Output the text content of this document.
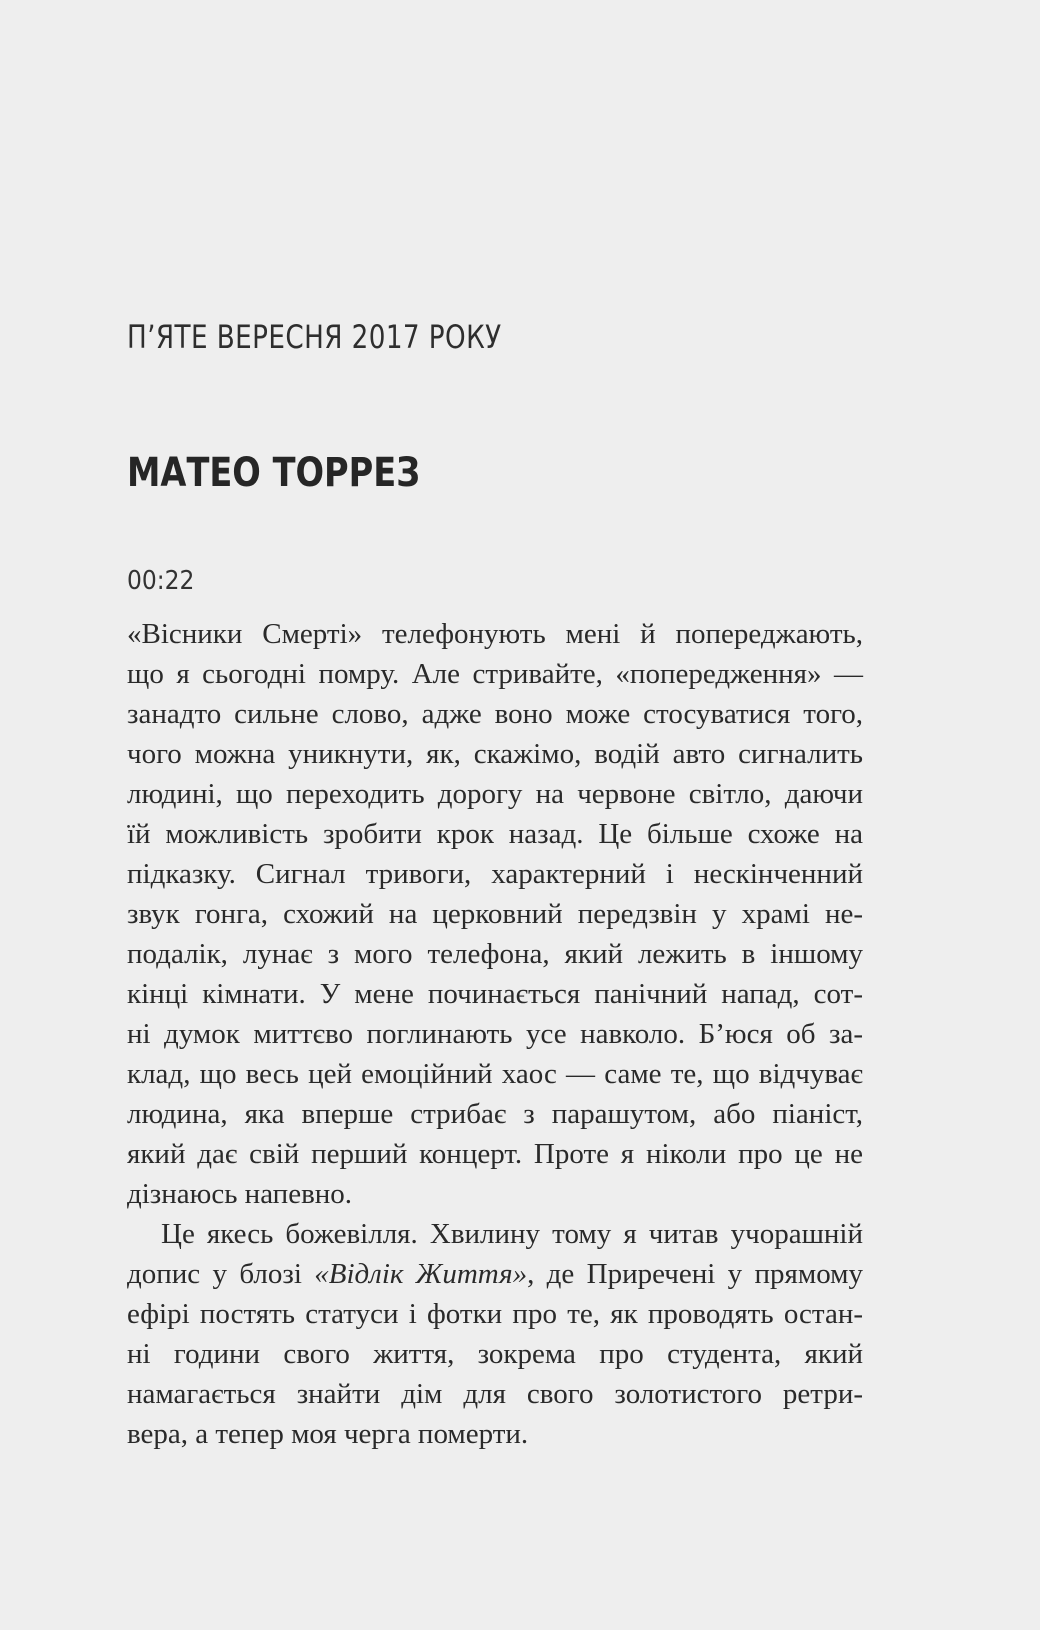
П’ЯТЕ ВЕРЕСНЯ 2017 РОКУ
МАТЕО ТОРРЕЗ
00:22
«Вісники Смерті» телефонують мені й попереджають,
що я сьогодні помру. Але стривайте, «попередження» —
занадто сильне слово, адже воно може стосуватися того,
чого можна уникнути, як, скажімо, водій авто сигналить
людині, що переходить дорогу на червоне світло, даючи
їй можливість зробити крок назад. Це більше схоже на
підказку. Сигнал тривоги, характерний і нескінченний
звук гонга, схожий на церковний передзвін у храмі не-
подалік, лунає з мого телефона, який лежить в іншому
кінці кімнати. У мене починається панічний напад, сот-
ні думок миттєво поглинають усе навколо. Б’юся об за-
клад, що весь цей емоційний хаос — саме те, що відчуває
людина, яка вперше стрибає з парашутом, або піаніст,
який дає свій перший концерт. Проте я ніколи про це не
дізнаюсь напевно.
Це якесь божевілля. Хвилину тому я читав учорашній
допис у блозі «Відлік Життя», де Приречені у прямому
ефірі постять статуси і фотки про те, як проводять остан-
ні години свого життя, зокрема про студента, який
намагається знайти дім для свого золотистого ретри-
вера, а тепер моя черга померти.
